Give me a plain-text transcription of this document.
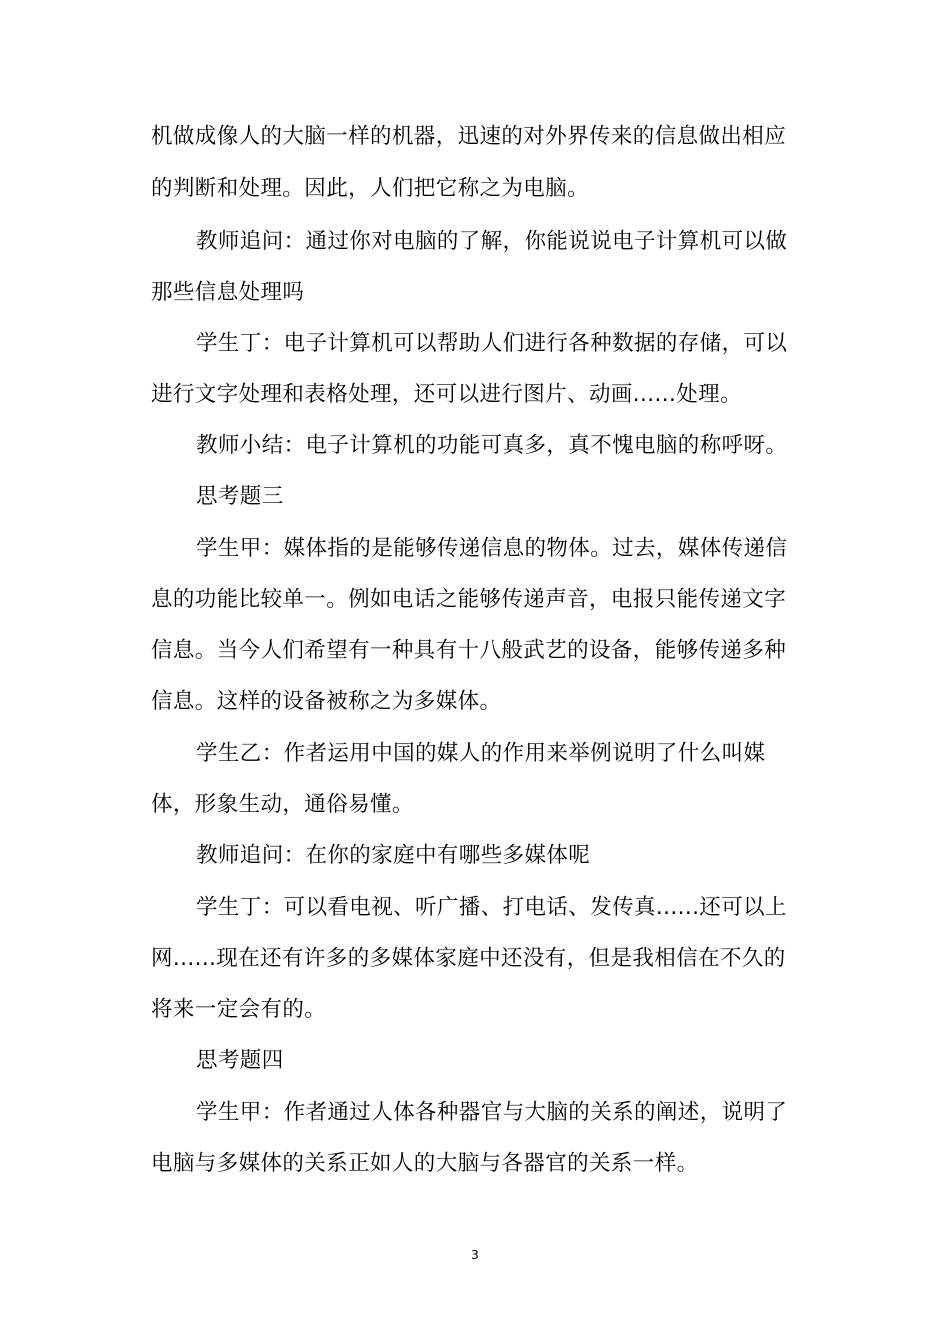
机做成像人的大脑一样的机器，迅速的对外界传来的信息做出相应
的判断和处理。因此，人们把它称之为电脑。
教师追问：通过你对电脑的了解，你能说说电子计算机可以做
那些信息处理吗
学生丁：电子计算机可以帮助人们进行各种数据的存储，可以
进行文字处理和表格处理，还可以进行图片、动画......处理。
教师小结：电子计算机的功能可真多，真不愧电脑的称呼呀。
思考题三
学生甲：媒体指的是能够传递信息的物体。过去，媒体传递信
息的功能比较单一。例如电话之能够传递声音，电报只能传递文字
信息。当今人们希望有一种具有十八般武艺的设备，能够传递多种
信息。这样的设备被称之为多媒体。
学生乙：作者运用中国的媒人的作用来举例说明了什么叫媒
体，形象生动，通俗易懂。
教师追问：在你的家庭中有哪些多媒体呢
学生丁：可以看电视、听广播、打电话、发传真......还可以上
网......现在还有许多的多媒体家庭中还没有，但是我相信在不久的
将来一定会有的。
思考题四
学生甲：作者通过人体各种器官与大脑的关系的阐述，说明了
电脑与多媒体的关系正如人的大脑与各器官的关系一样。
3
